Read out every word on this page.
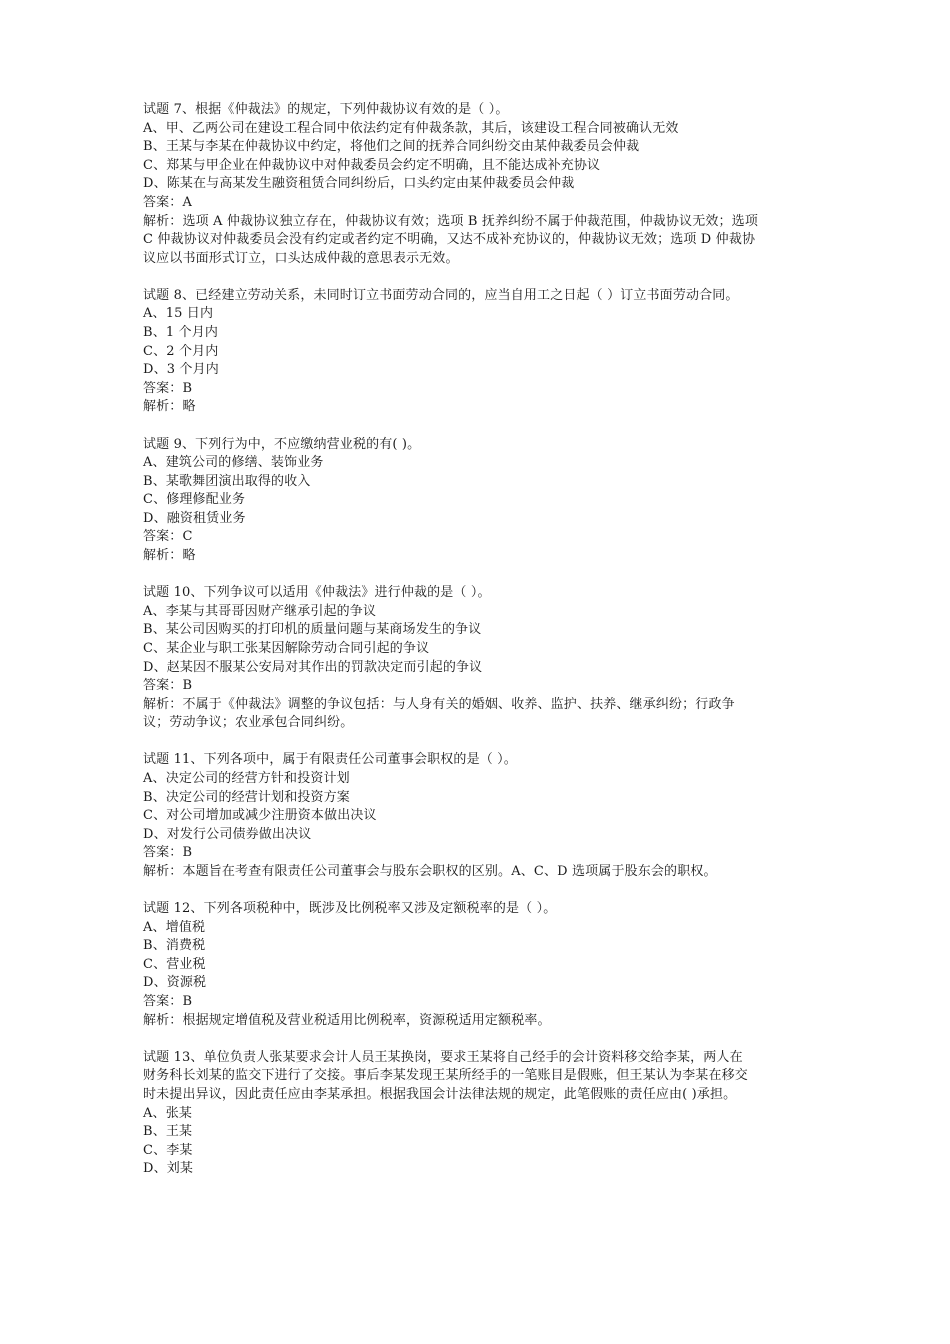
试题 7、根据《仲裁法》的规定，下列仲裁协议有效的是（ ）。
A、甲、乙两公司在建设工程合同中依法约定有仲裁条款，其后，该建设工程合同被确认无效
B、王某与李某在仲裁协议中约定，将他们之间的抚养合同纠纷交由某仲裁委员会仲裁
C、郑某与甲企业在仲裁协议中对仲裁委员会约定不明确，且不能达成补充协议
D、陈某在与高某发生融资租赁合同纠纷后，口头约定由某仲裁委员会仲裁
答案：A
解析：选项 A 仲裁协议独立存在，仲裁协议有效；选项 B 抚养纠纷不属于仲裁范围，仲裁协议无效；选项
C 仲裁协议对仲裁委员会没有约定或者约定不明确，又达不成补充协议的，仲裁协议无效；选项 D 仲裁协
议应以书面形式订立，口头达成仲裁的意思表示无效。
试题 8、已经建立劳动关系，未同时订立书面劳动合同的，应当自用工之日起（ ）订立书面劳动合同。
A、15 日内
B、1 个月内
C、2 个月内
D、3 个月内
答案：B
解析：略
试题 9、下列行为中，不应缴纳营业税的有( )。
A、建筑公司的修缮、装饰业务
B、某歌舞团演出取得的收入
C、修理修配业务
D、融资租赁业务
答案：C
解析：略
试题 10、下列争议可以适用《仲裁法》进行仲裁的是（ ）。
A、李某与其哥哥因财产继承引起的争议
B、某公司因购买的打印机的质量问题与某商场发生的争议
C、某企业与职工张某因解除劳动合同引起的争议
D、赵某因不服某公安局对其作出的罚款决定而引起的争议
答案：B
解析：不属于《仲裁法》调整的争议包括：与人身有关的婚姻、收养、监护、扶养、继承纠纷；行政争
议；劳动争议；农业承包合同纠纷。
试题 11、下列各项中，属于有限责任公司董事会职权的是（ ）。
A、决定公司的经营方针和投资计划
B、决定公司的经营计划和投资方案
C、对公司增加或减少注册资本做出决议
D、对发行公司债券做出决议
答案：B
解析：本题旨在考查有限责任公司董事会与股东会职权的区别。A、C、D 选项属于股东会的职权。
试题 12、下列各项税种中，既涉及比例税率又涉及定额税率的是（ ）。
A、增值税
B、消费税
C、营业税
D、资源税
答案：B
解析：根据规定增值税及营业税适用比例税率，资源税适用定额税率。
试题 13、单位负责人张某要求会计人员王某换岗，要求王某将自己经手的会计资料移交给李某，两人在
财务科长刘某的监交下进行了交接。事后李某发现王某所经手的一笔账目是假账，但王某认为李某在移交
时未提出异议，因此责任应由李某承担。根据我国会计法律法规的规定，此笔假账的责任应由( )承担。
A、张某
B、王某
C、李某
D、刘某
